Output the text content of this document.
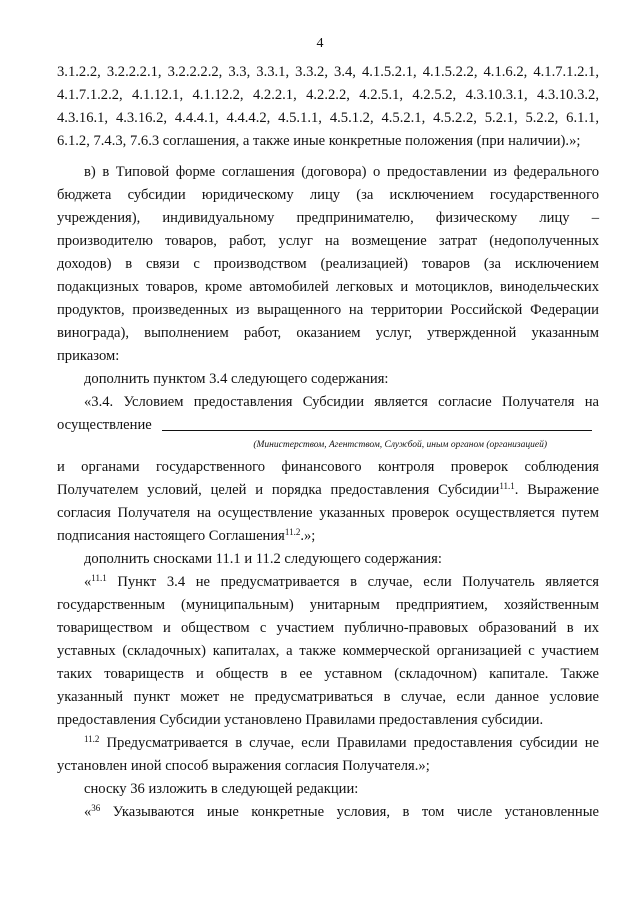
4
3.1.2.2, 3.2.2.2.1, 3.2.2.2.2, 3.3, 3.3.1, 3.3.2, 3.4, 4.1.5.2.1, 4.1.5.2.2, 4.1.6.2, 4.1.7.1.2.1,
4.1.7.1.2.2, 4.1.12.1, 4.1.12.2, 4.2.2.1, 4.2.2.2, 4.2.5.1, 4.2.5.2, 4.3.10.3.1, 4.3.10.3.2,
4.3.16.1, 4.3.16.2, 4.4.4.1, 4.4.4.2, 4.5.1.1, 4.5.1.2, 4.5.2.1, 4.5.2.2, 5.2.1, 5.2.2, 6.1.1,
6.1.2, 7.4.3, 7.6.3 соглашения, а также иные конкретные положения (при наличии).»;
в) в Типовой форме соглашения (договора) о предоставлении из федерального
бюджета субсидии юридическому лицу (за исключением государственного
учреждения), индивидуальному предпринимателю, физическому лицу –
производителю товаров, работ, услуг на возмещение затрат (недополученных
доходов) в связи с производством (реализацией) товаров (за исключением
подакцизных товаров, кроме автомобилей легковых и мотоциклов, винодельческих
продуктов, произведенных из выращенного на территории Российской Федерации
винограда), выполнением работ, оказанием услуг, утвержденной указанным
приказом:
дополнить пунктом 3.4 следующего содержания:
«3.4. Условием предоставления Субсидии является согласие Получателя на
осуществление
(Министерством, Агентством, Службой, иным органом (организацией)
и органами государственного финансового контроля проверок соблюдения
Получателем условий, целей и порядка предоставления Субсидии$^{11.1}$. Выражение
согласия Получателя на осуществление указанных проверок осуществляется путем
подписания настоящего Соглашения$^{11.2}$.»;
дополнить сносками 11.1 и 11.2 следующего содержания:
«$^{11.1}$ Пункт 3.4 не предусматривается в случае, если Получатель является
государственным (муниципальным) унитарным предприятием, хозяйственным
товариществом и обществом с участием публично-правовых образований в их
уставных (складочных) капиталах, а также коммерческой организацией с участием
таких товариществ и обществ в ее уставном (складочном) капитале. Также
указанный пункт может не предусматриваться в случае, если данное условие
предоставления Субсидии установлено Правилами предоставления субсидии.
$^{11.2}$ Предусматривается в случае, если Правилами предоставления субсидии не
установлен иной способ выражения согласия Получателя.»;
сноску 36 изложить в следующей редакции:
«$^{36}$ Указываются иные конкретные условия, в том числе установленные
